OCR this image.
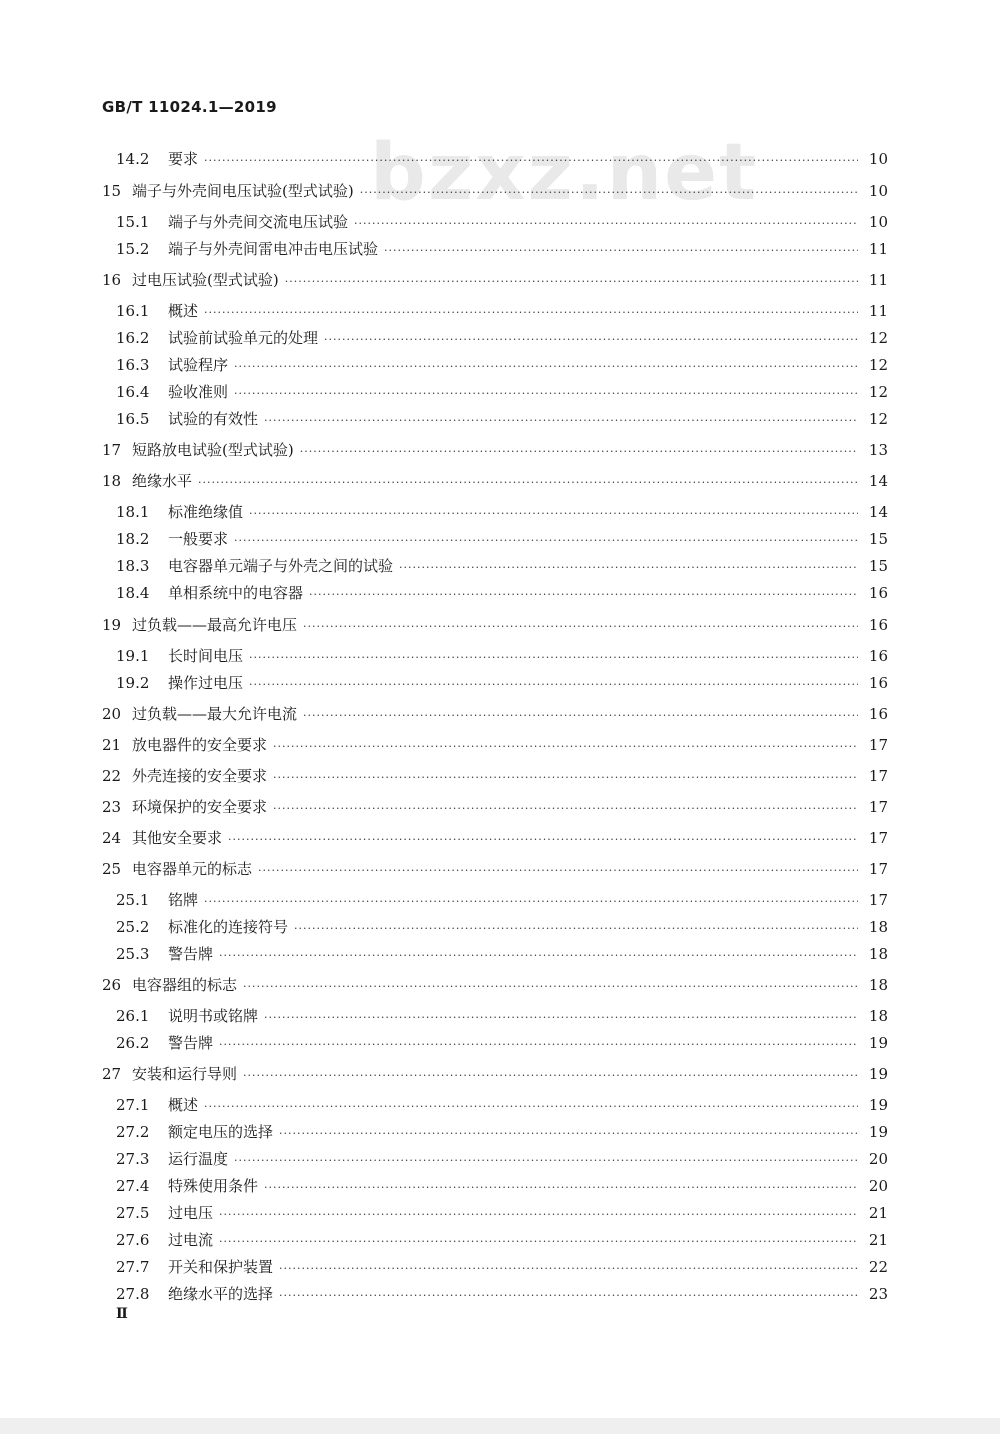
GB/T 11024.1—2019
bzxz.net
14.2	要求 ·····	10
15 端子与外壳间电压试验(型式试验) ·····	10
15.1	端子与外壳间交流电压试验 ·····	10
15.2	端子与外壳间雷电冲击电压试验 ·····	11
16 过电压试验(型式试验) ·····	11
16.1	概述 ·····	11
16.2	试验前试验单元的处理 ·····	12
16.3	试验程序 ·····	12
16.4	验收准则 ·····	12
16.5	试验的有效性 ·····	12
17 短路放电试验(型式试验) ·····	13
18 绝缘水平 ·····	14
18.1	标准绝缘值 ·····	14
18.2	一般要求 ·····	15
18.3	电容器单元端子与外壳之间的试验 ·····	15
18.4	单相系统中的电容器 ·····	16
19 过负载——最高允许电压 ·····	16
19.1	长时间电压 ·····	16
19.2	操作过电压 ·····	16
20 过负载——最大允许电流 ·····	16
21 放电器件的安全要求 ·····	17
22 外壳连接的安全要求 ·····	17
23 环境保护的安全要求 ·····	17
24 其他安全要求 ·····	17
25 电容器单元的标志 ·····	17
25.1	铭牌 ·····	17
25.2	标准化的连接符号 ·····	18
25.3	警告牌 ·····	18
26 电容器组的标志 ·····	18
26.1	说明书或铭牌 ·····	18
26.2	警告牌 ·····	19
27 安装和运行导则 ·····	19
27.1	概述 ·····	19
27.2	额定电压的选择 ·····	19
27.3	运行温度 ·····	20
27.4	特殊使用条件 ·····	20
27.5	过电压 ·····	21
27.6	过电流 ·····	21
27.7	开关和保护装置 ·····	22
27.8	绝缘水平的选择 ·····	23
Ⅱ
